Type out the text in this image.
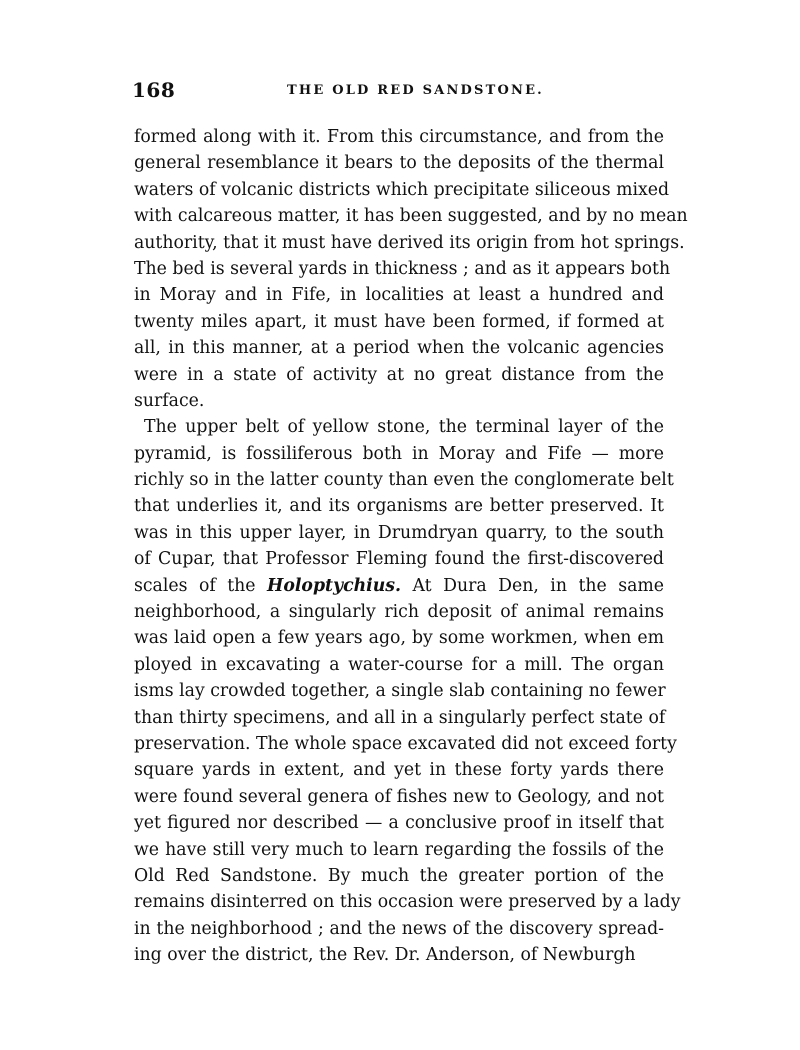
168	THE OLD RED SANDSTONE.
formed along with it. From this circumstance, and from the
general resemblance it bears to the deposits of the thermal
waters of volcanic districts which precipitate siliceous mixed
with calcareous matter, it has been suggested, and by no mean
authority, that it must have derived its origin from hot springs.
The bed is several yards in thickness ; and as it appears both
in Moray and in Fife, in localities at least a hundred and
twenty miles apart, it must have been formed, if formed at
all, in this manner, at a period when the volcanic agencies
were in a state of activity at no great distance from the
surface.
The upper belt of yellow stone, the terminal layer of the
pyramid, is fossiliferous both in Moray and Fife — more
richly so in the latter county than even the conglomerate belt
that underlies it, and its organisms are better preserved. It
was in this upper layer, in Drumdryan quarry, to the south
of Cupar, that Professor Fleming found the first-discovered
scales of the Holoptychius. At Dura Den, in the same
neighborhood, a singularly rich deposit of animal remains
was laid open a few years ago, by some workmen, when em
ployed in excavating a water-course for a mill. The organ
isms lay crowded together, a single slab containing no fewer
than thirty specimens, and all in a singularly perfect state of
preservation. The whole space excavated did not exceed forty
square yards in extent, and yet in these forty yards there
were found several genera of fishes new to Geology, and not
yet figured nor described — a conclusive proof in itself that
we have still very much to learn regarding the fossils of the
Old Red Sandstone. By much the greater portion of the
remains disinterred on this occasion were preserved by a lady
in the neighborhood ; and the news of the discovery spread-
ing over the district, the Rev. Dr. Anderson, of Newburgh
